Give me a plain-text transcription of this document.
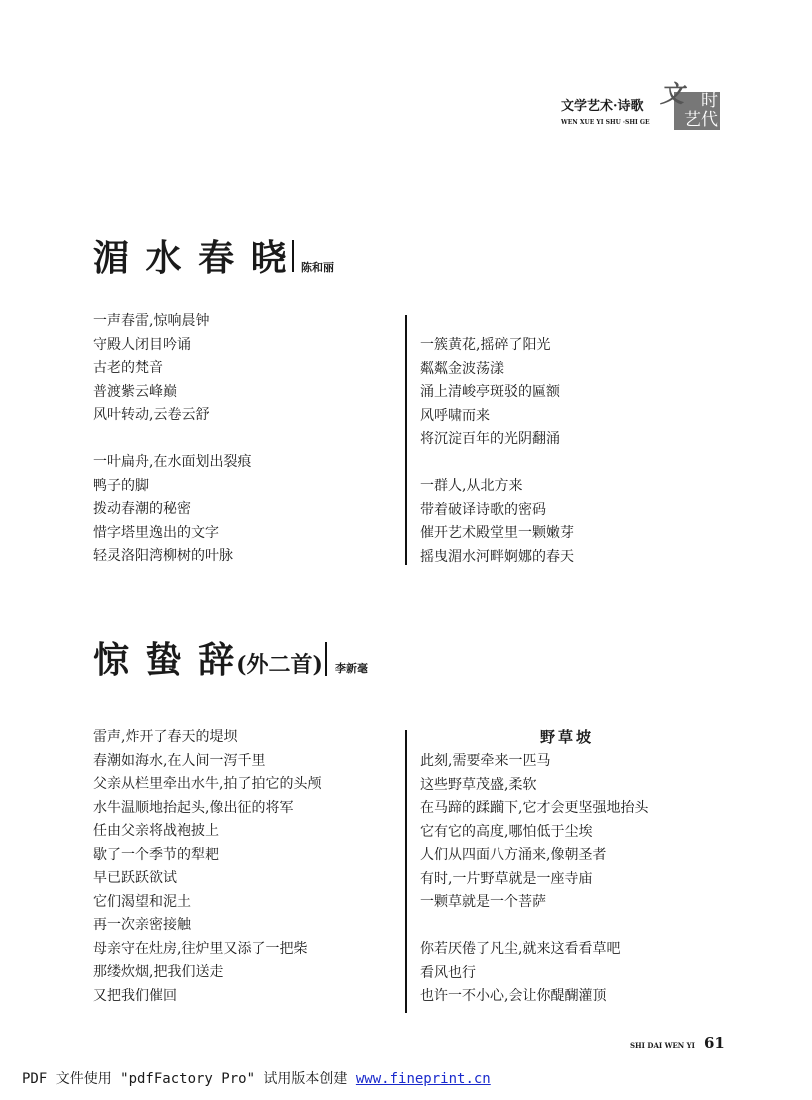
文学艺术·诗歌
WEN XUE YI SHU ·SHI GE
时
艺代
文
湄 水 春 晓 陈和丽
一声春雷,惊响晨钟
守殿人闭目吟诵
古老的梵音
普渡紫云峰巅
风叶转动,云卷云舒
一叶扁舟,在水面划出裂痕
鸭子的脚
拨动春潮的秘密
惜字塔里逸出的文字
轻灵洛阳湾柳树的叶脉
一簇黄花,摇碎了阳光
粼粼金波荡漾
涌上清峻亭斑驳的匾额
风呼啸而来
将沉淀百年的光阴翻涌
一群人,从北方来
带着破译诗歌的密码
催开艺术殿堂里一颗嫩芽
摇曳湄水河畔婀娜的春天
惊 蛰 辞(外二首) 李新毫
雷声,炸开了春天的堤坝
春潮如海水,在人间一泻千里
父亲从栏里牵出水牛,拍了拍它的头颅
水牛温顺地抬起头,像出征的将军
任由父亲将战袍披上
歇了一个季节的犁耙
早已跃跃欲试
它们渴望和泥土
再一次亲密接触
母亲守在灶房,往炉里又添了一把柴
那缕炊烟,把我们送走
又把我们催回
野草坡
此刻,需要牵来一匹马
这些野草茂盛,柔软
在马蹄的蹂躏下,它才会更坚强地抬头
它有它的高度,哪怕低于尘埃
人们从四面八方涌来,像朝圣者
有时,一片野草就是一座寺庙
一颗草就是一个菩萨
你若厌倦了凡尘,就来这看看草吧
看风也行
也许一不小心,会让你醍醐灌顶
SHI DAI WEN YI 61
PDF 文件使用 "pdfFactory Pro" 试用版本创建 www.fineprint.cn
